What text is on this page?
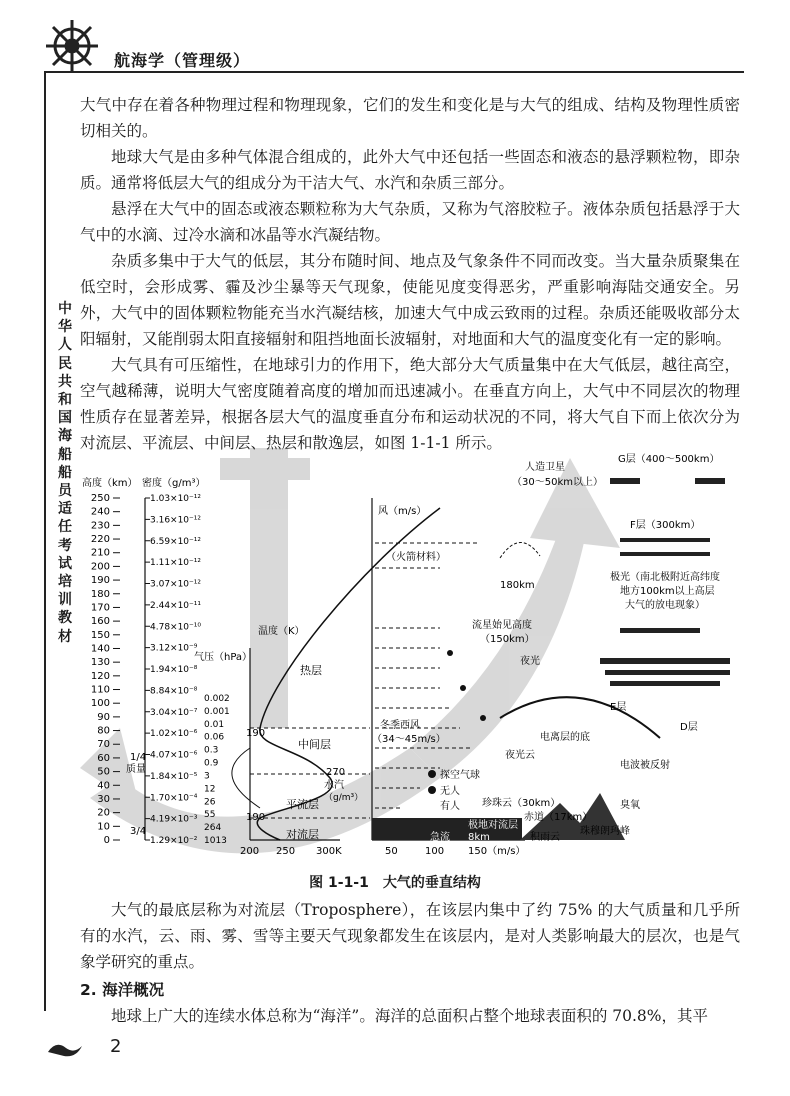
航海学（管理级）
中华人民共和国海船船员适任考试培训教材

大气中存在着各种物理过程和物理现象，它们的发生和变化是与大气的组成、结构及物理性质密切相关的。

地球大气是由多种气体混合组成的，此外大气中还包括一些固态和液态的悬浮颗粒物，即杂质。通常将低层大气的组成分为干洁大气、水汽和杂质三部分。

悬浮在大气中的固态或液态颗粒称为大气杂质，又称为气溶胶粒子。液体杂质包括悬浮于大气中的水滴、过冷水滴和冰晶等水汽凝结物。

杂质多集中于大气的低层，其分布随时间、地点及气象条件不同而改变。当大量杂质聚集在低空时，会形成雾、霾及沙尘暴等天气现象，使能见度变得恶劣，严重影响海陆交通安全。另外，大气中的固体颗粒物能充当水汽凝结核，加速大气中成云致雨的过程。杂质还能吸收部分太阳辐射，又能削弱太阳直接辐射和阻挡地面长波辐射，对地面和大气的温度变化有一定的影响。

大气具有可压缩性，在地球引力的作用下，绝大部分大气质量集中在大气低层，越往高空，空气越稀薄，说明大气密度随着高度的增加而迅速减小。在垂直方向上，大气中不同层次的物理性质存在显著差异，根据各层大气的温度垂直分布和运动状况的不同，将大气自下而上依次分为对流层、平流层、中间层、热层和散逸层，如图 1-1-1 所示。

高度（km） 密度（g/m³）
气压（hPa）
温度（K）
风（m/s）
250
240
230
220
210
200
190
180
170
160
150
140
130
120
110
100
90
80
70
60
50
40
30
20
10
0
1.03×10⁻¹²
3.16×10⁻¹²
6.59×10⁻¹²
1.11×10⁻¹²
3.07×10⁻¹²
2.44×10⁻¹¹
4.78×10⁻¹⁰
3.12×10⁻⁹
1.94×10⁻⁸
8.84×10⁻⁸
3.04×10⁻⁷
1.02×10⁻⁶
4.07×10⁻⁶
1.84×10⁻⁵
1.70×10⁻⁴
4.19×10⁻³
1.29×10⁻²
0.002
0.001
0.01
0.06
0.3
0.9
3
12
26
55
264
1013
1/4
质量
3/4
200 250 300K
190
270
190
热层
中间层
平流层
对流层
水汽
（g/m³）
（火箭材料）
50	100 150（m/s）
人造卫星
（30～50km以上）
G层（400～500km）
F层（300km）
极光（南北极附近高纬度
地方100km以上高层
大气的放电现象）
180km
流星始见高度
（150km）
夜光
E层
D层
冬季西风
（34～45m/s）	电离层的底
电波被反射
夜光云
探空气球
无人
有人 珍珠云（30km）	臭氧
赤道（17km）
极地对流层
8km
珠穆朗玛峰
积雨云
急流
图 1-1-1　大气的垂直结构

大气的最底层称为对流层（Troposphere），在该层内集中了约 75% 的大气质量和几乎所有的水汽，云、雨、雾、雪等主要天气现象都发生在该层内，是对人类影响最大的层次，也是气象学研究的重点。

2. 海洋概况

地球上广大的连续水体总称为“海洋”。海洋的总面积占整个地球表面积的 70.8%，其平

2
